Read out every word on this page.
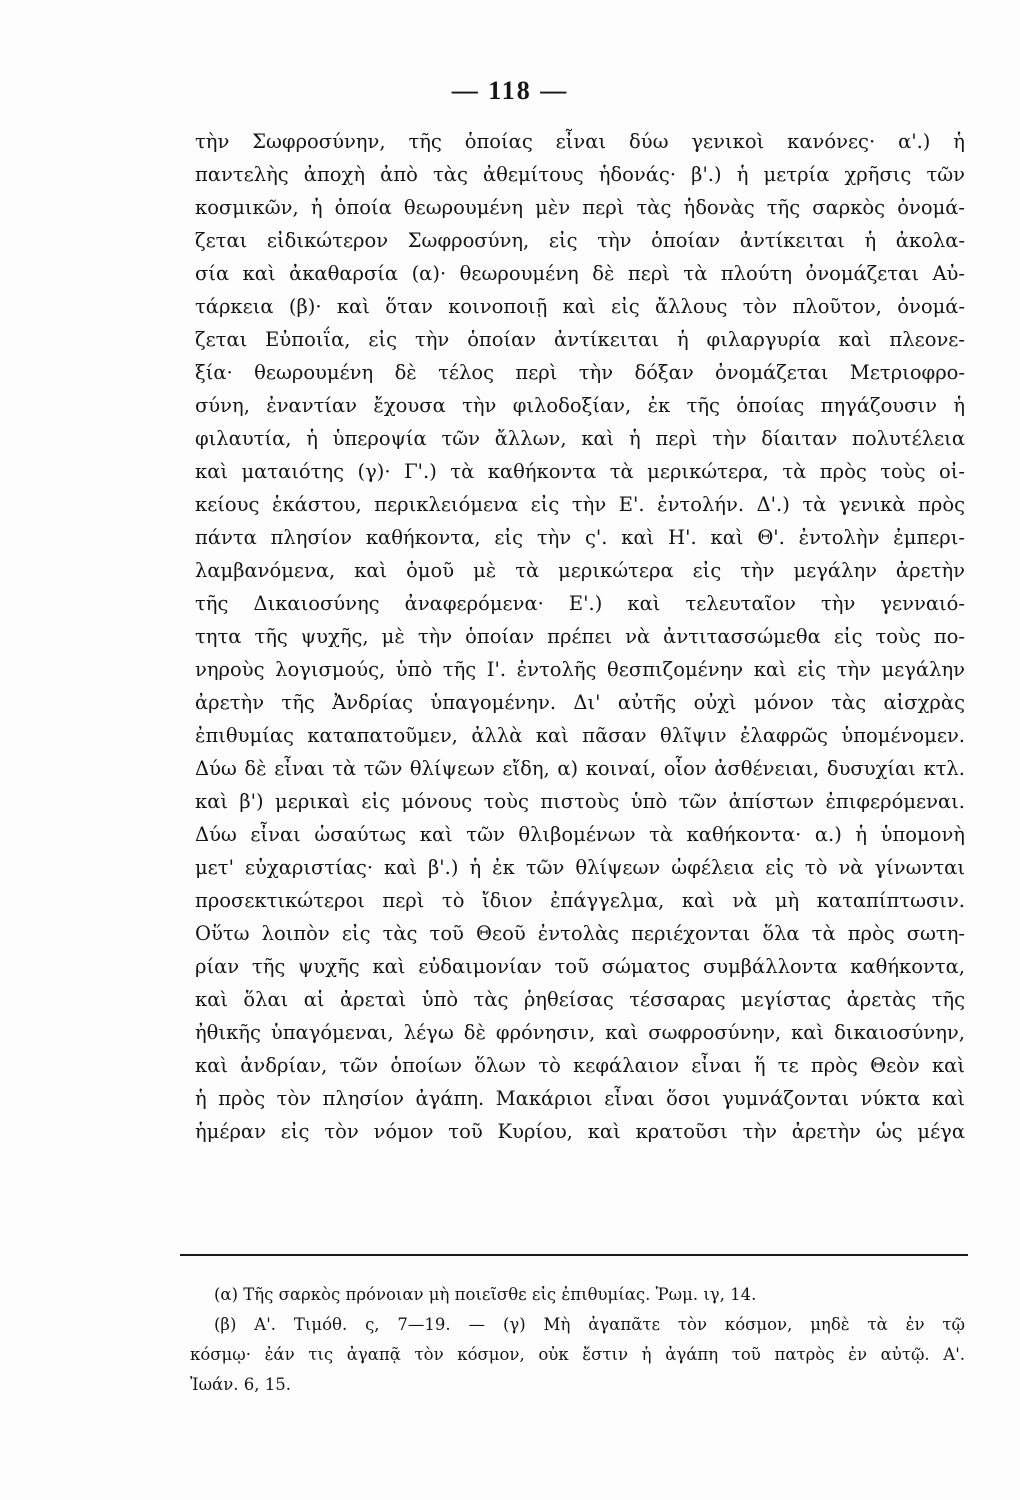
— 118 —
τὴν Σωφροσύνην, τῆς ὁποίας εἶναι δύω γενικοὶ κανόνες· α'.) ἡ
παντελὴς ἀποχὴ ἀπὸ τὰς ἀθεμίτους ἡδονάς· β'.) ἡ μετρία χρῆσις τῶν
κοσμικῶν, ἡ ὁποία θεωρουμένη μὲν περὶ τὰς ἡδονὰς τῆς σαρκὸς ὀνομά-
ζεται εἰδικώτερον Σωφροσύνη, εἰς τὴν ὁποίαν ἀντίκειται ἡ ἀκολα-
σία καὶ ἀκαθαρσία (α)· θεωρουμένη δὲ περὶ τὰ πλούτη ὀνομάζεται Αὐ-
τάρκεια (β)· καὶ ὅταν κοινοποιῇ καὶ εἰς ἄλλους τὸν πλοῦτον, ὀνομά-
ζεται Εὐποιΐα, εἰς τὴν ὁποίαν ἀντίκειται ἡ φιλαργυρία καὶ πλεονε-
ξία· θεωρουμένη δὲ τέλος περὶ τὴν δόξαν ὀνομάζεται Μετριοφρο-
σύνη, ἐναντίαν ἔχουσα τὴν φιλοδοξίαν, ἐκ τῆς ὁποίας πηγάζουσιν ἡ
φιλαυτία, ἡ ὑπεροψία τῶν ἄλλων, καὶ ἡ περὶ τὴν δίαιταν πολυτέλεια
καὶ ματαιότης (γ)· Γ'.) τὰ καθήκοντα τὰ μερικώτερα, τὰ πρὸς τοὺς οἰ-
κείους ἑκάστου, περικλειόμενα εἰς τὴν Ε'. ἐντολήν. Δ'.) τὰ γενικὰ πρὸς
πάντα πλησίον καθήκοντα, εἰς τὴν ς'. καὶ Η'. καὶ Θ'. ἐντολὴν ἐμπερι-
λαμβανόμενα, καὶ ὁμοῦ μὲ τὰ μερικώτερα εἰς τὴν μεγάλην ἀρετὴν
τῆς Δικαιοσύνης ἀναφερόμενα· Ε'.) καὶ τελευταῖον τὴν γενναιό-
τητα τῆς ψυχῆς, μὲ τὴν ὁποίαν πρέπει νὰ ἀντιτασσώμεθα εἰς τοὺς πο-
νηροὺς λογισμούς, ὑπὸ τῆς Ι'. ἐντολῆς θεσπιζομένην καὶ εἰς τὴν μεγάλην
ἀρετὴν τῆς Ἀνδρίας ὑπαγομένην. Δι' αὐτῆς οὐχὶ μόνον τὰς αἰσχρὰς
ἐπιθυμίας καταπατοῦμεν, ἀλλὰ καὶ πᾶσαν θλῖψιν ἐλαφρῶς ὑπομένομεν.
Δύω δὲ εἶναι τὰ τῶν θλίψεων εἴδη, α) κοιναί, οἷον ἀσθένειαι, δυσυχίαι κτλ.
καὶ β') μερικαὶ εἰς μόνους τοὺς πιστοὺς ὑπὸ τῶν ἀπίστων ἐπιφερόμεναι.
Δύω εἶναι ὡσαύτως καὶ τῶν θλιβομένων τὰ καθήκοντα· α.) ἡ ὑπομονὴ
μετ' εὐχαριστίας· καὶ β'.) ἡ ἐκ τῶν θλίψεων ὠφέλεια εἰς τὸ νὰ γίνωνται
προσεκτικώτεροι περὶ τὸ ἴδιον ἐπάγγελμα, καὶ νὰ μὴ καταπίπτωσιν.
Οὕτω λοιπὸν εἰς τὰς τοῦ Θεοῦ ἐντολὰς περιέχονται ὅλα τὰ πρὸς σωτη-
ρίαν τῆς ψυχῆς καὶ εὐδαιμονίαν τοῦ σώματος συμβάλλοντα καθήκοντα,
καὶ ὅλαι αἱ ἀρεταὶ ὑπὸ τὰς ῥηθείσας τέσσαρας μεγίστας ἀρετὰς τῆς
ἠθικῆς ὑπαγόμεναι, λέγω δὲ φρόνησιν, καὶ σωφροσύνην, καὶ δικαιοσύνην,
καὶ ἀνδρίαν, τῶν ὁποίων ὅλων τὸ κεφάλαιον εἶναι ἥ τε πρὸς Θεὸν καὶ
ἡ πρὸς τὸν πλησίον ἀγάπη. Μακάριοι εἶναι ὅσοι γυμνάζονται νύκτα καὶ
ἡμέραν εἰς τὸν νόμον τοῦ Κυρίου, καὶ κρατοῦσι τὴν ἀρετὴν ὡς μέγα
(α) Τῆς σαρκὸς πρόνοιαν μὴ ποιεῖσθε εἰς ἐπιθυμίας. Ῥωμ. ιγ, 14.
(β) Α'. Τιμόθ. ς, 7—19. — (γ) Μὴ ἀγαπᾶτε τὸν κόσμον, μηδὲ τὰ ἐν τῷ
κόσμῳ· ἐάν τις ἀγαπᾷ τὸν κόσμον, οὐκ ἔστιν ἡ ἀγάπη τοῦ πατρὸς ἐν αὐτῷ. Α'.
Ἰωάν. 6, 15.
